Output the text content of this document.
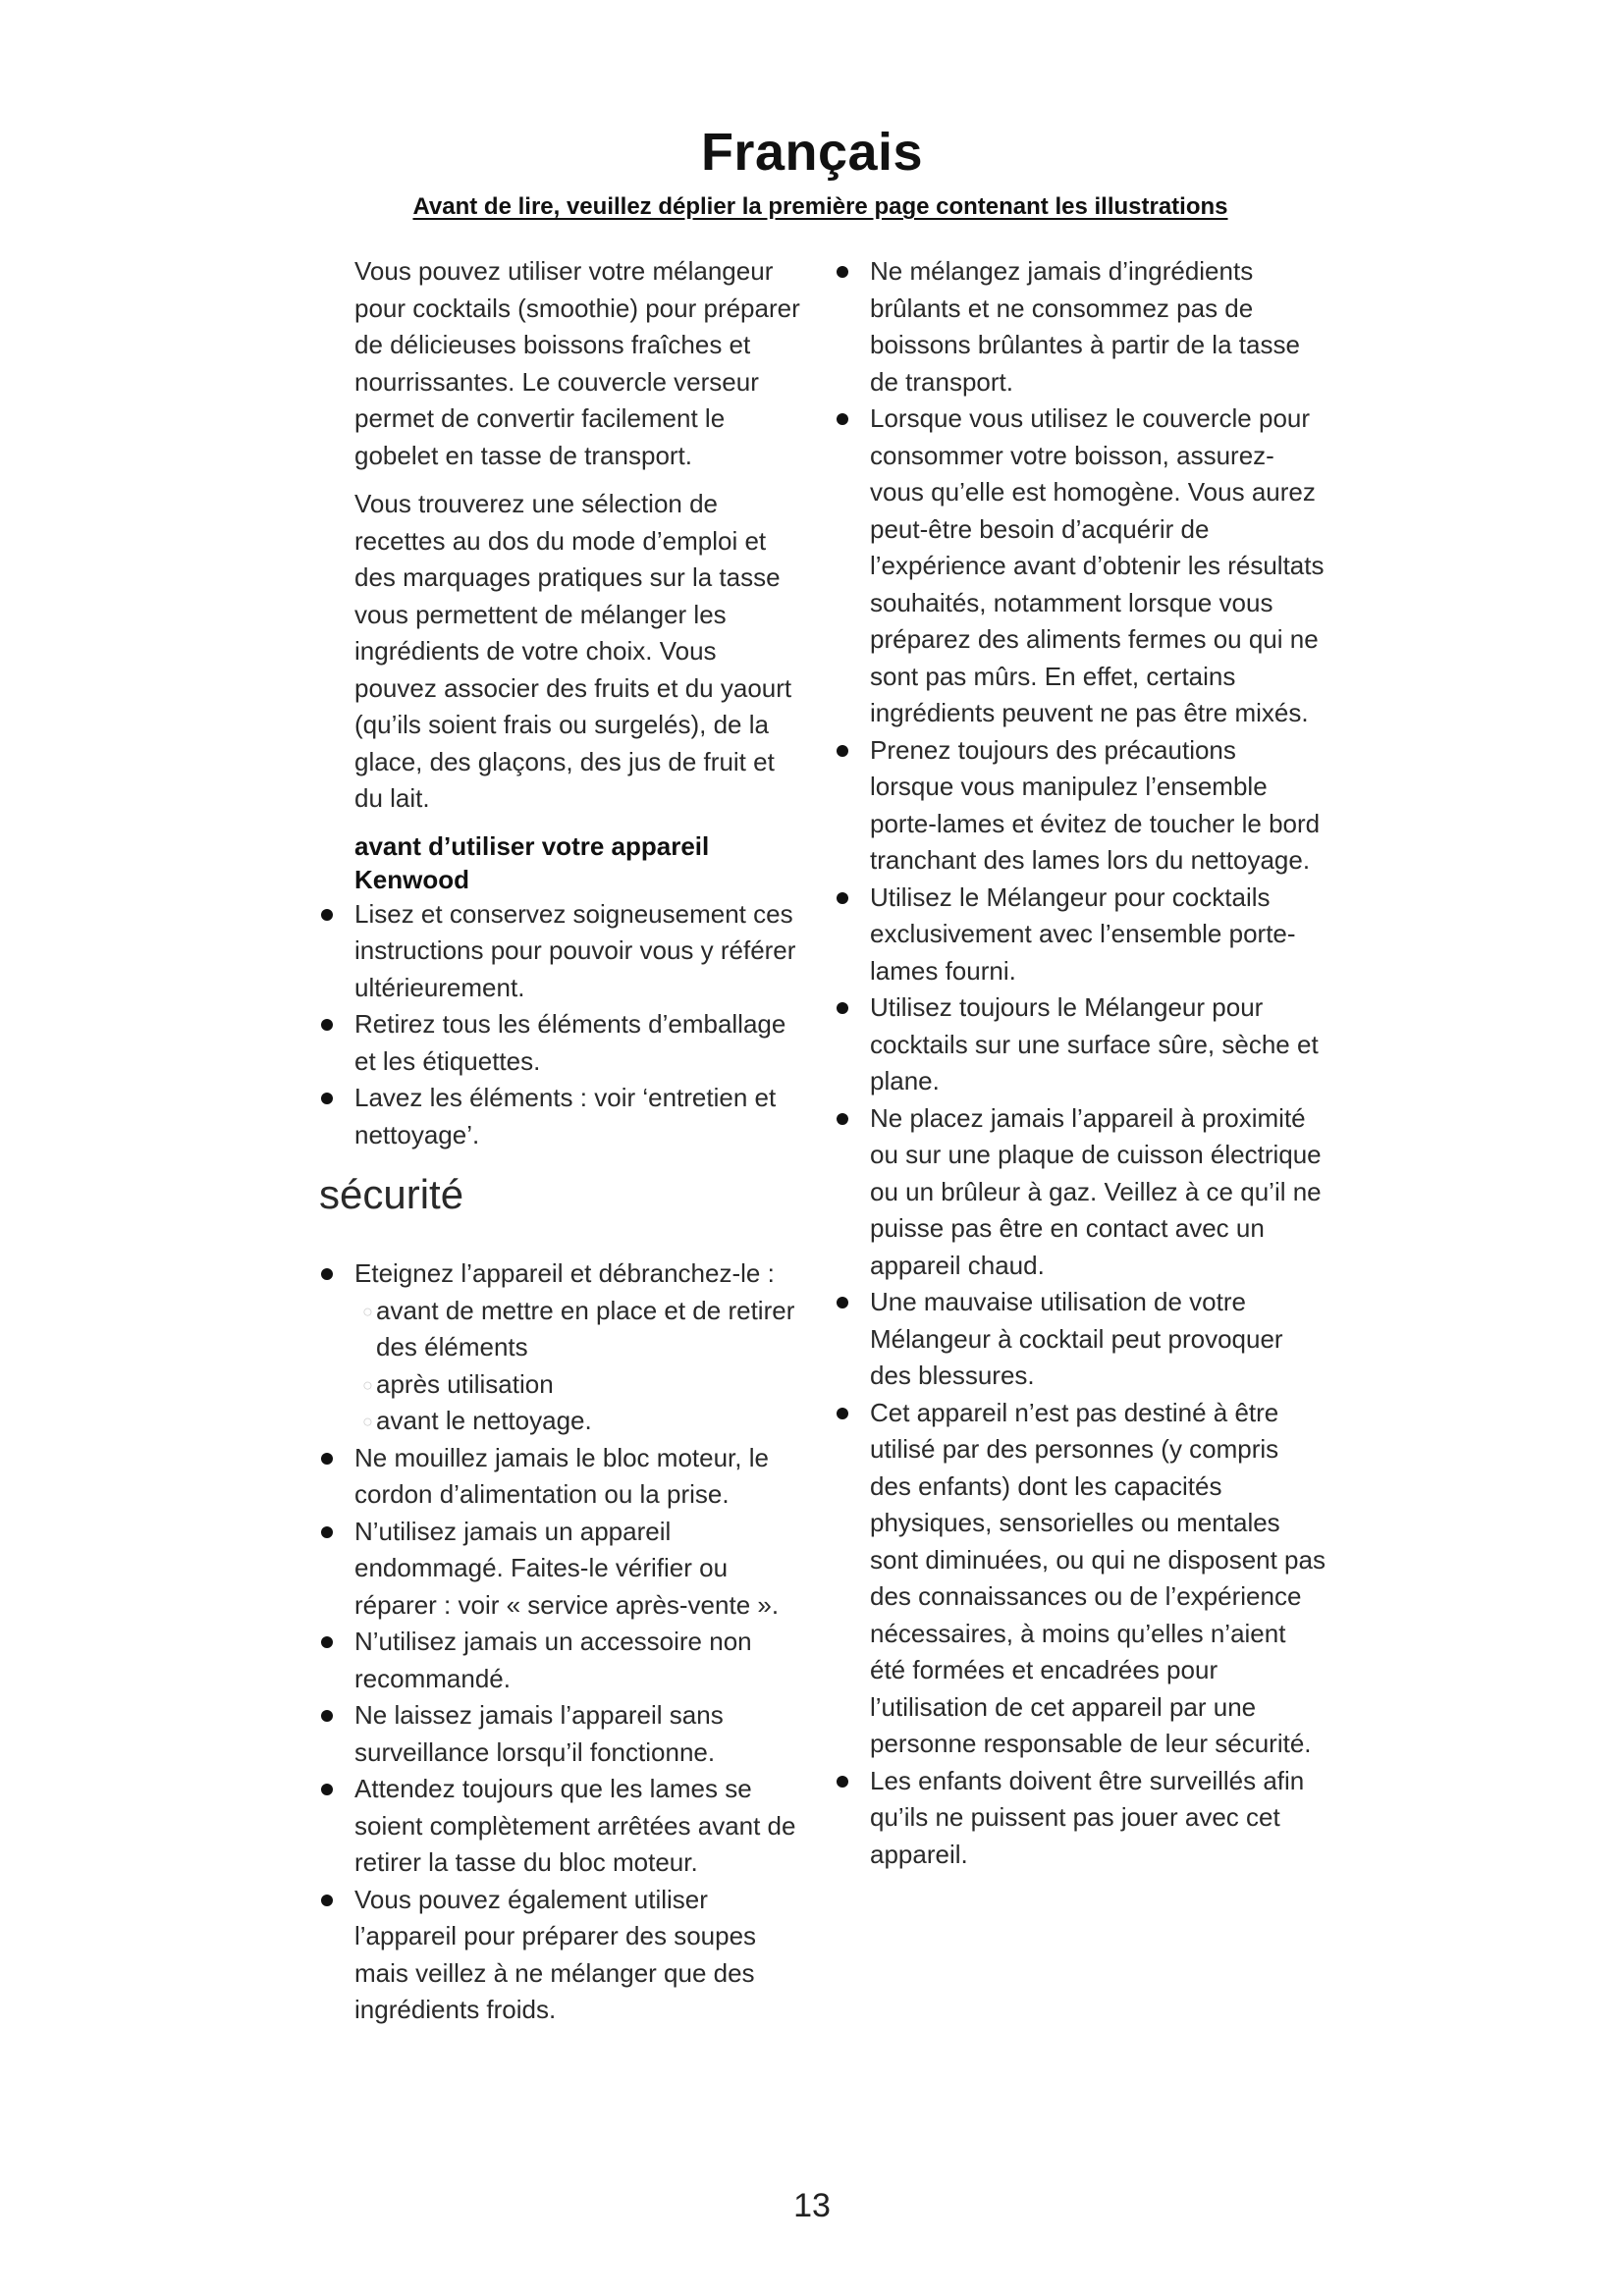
Français
Avant de lire, veuillez déplier la première page contenant les illustrations

Vous pouvez utiliser votre mélangeur pour cocktails (smoothie) pour préparer de délicieuses boissons fraîches et nourrissantes. Le couvercle verseur permet de convertir facilement le gobelet en tasse de transport.

Vous trouverez une sélection de recettes au dos du mode d’emploi et des marquages pratiques sur la tasse vous permettent de mélanger les ingrédients de votre choix. Vous pouvez associer des fruits et du yaourt (qu’ils soient frais ou surgelés), de la glace, des glaçons, des jus de fruit et du lait.

avant d’utiliser votre appareil Kenwood
Lisez et conservez soigneusement ces instructions pour pouvoir vous y référer ultérieurement.
Retirez tous les éléments d’emballage et les étiquettes.
Lavez les éléments : voir ‘entretien et nettoyage’.
sécurité
Eteignez l’appareil et débranchez-le :
○ avant de mettre en place et de retirer des éléments
○ après utilisation
○ avant le nettoyage.
Ne mouillez jamais le bloc moteur, le cordon d’alimentation ou la prise.
N’utilisez jamais un appareil endommagé. Faites-le vérifier ou réparer : voir « service après-vente ».
N’utilisez jamais un accessoire non recommandé.
Ne laissez jamais l’appareil sans surveillance lorsqu’il fonctionne.
Attendez toujours que les lames se soient complètement arrêtées avant de retirer la tasse du bloc moteur.
Vous pouvez également utiliser l’appareil pour préparer des soupes mais veillez à ne mélanger que des ingrédients froids.
Ne mélangez jamais d’ingrédients brûlants et ne consommez pas de boissons brûlantes à partir de la tasse de transport.
Lorsque vous utilisez le couvercle pour consommer votre boisson, assurez-vous qu’elle est homogène. Vous aurez peut-être besoin d’acquérir de l’expérience avant d’obtenir les résultats souhaités, notamment lorsque vous préparez des aliments fermes ou qui ne sont pas mûrs. En effet, certains ingrédients peuvent ne pas être mixés.
Prenez toujours des précautions lorsque vous manipulez l’ensemble porte-lames et évitez de toucher le bord tranchant des lames lors du nettoyage.
Utilisez le Mélangeur pour cocktails exclusivement avec l’ensemble porte-lames fourni.
Utilisez toujours le Mélangeur pour cocktails sur une surface sûre, sèche et plane.
Ne placez jamais l’appareil à proximité ou sur une plaque de cuisson électrique ou un brûleur à gaz. Veillez à ce qu’il ne puisse pas être en contact avec un appareil chaud.
Une mauvaise utilisation de votre Mélangeur à cocktail peut provoquer des blessures.
Cet appareil n’est pas destiné à être utilisé par des personnes (y compris des enfants) dont les capacités physiques, sensorielles ou mentales sont diminuées, ou qui ne disposent pas des connaissances ou de l’expérience nécessaires, à moins qu’elles n’aient été formées et encadrées pour l’utilisation de cet appareil par une personne responsable de leur sécurité.
Les enfants doivent être surveillés afin qu’ils ne puissent pas jouer avec cet appareil.
13
